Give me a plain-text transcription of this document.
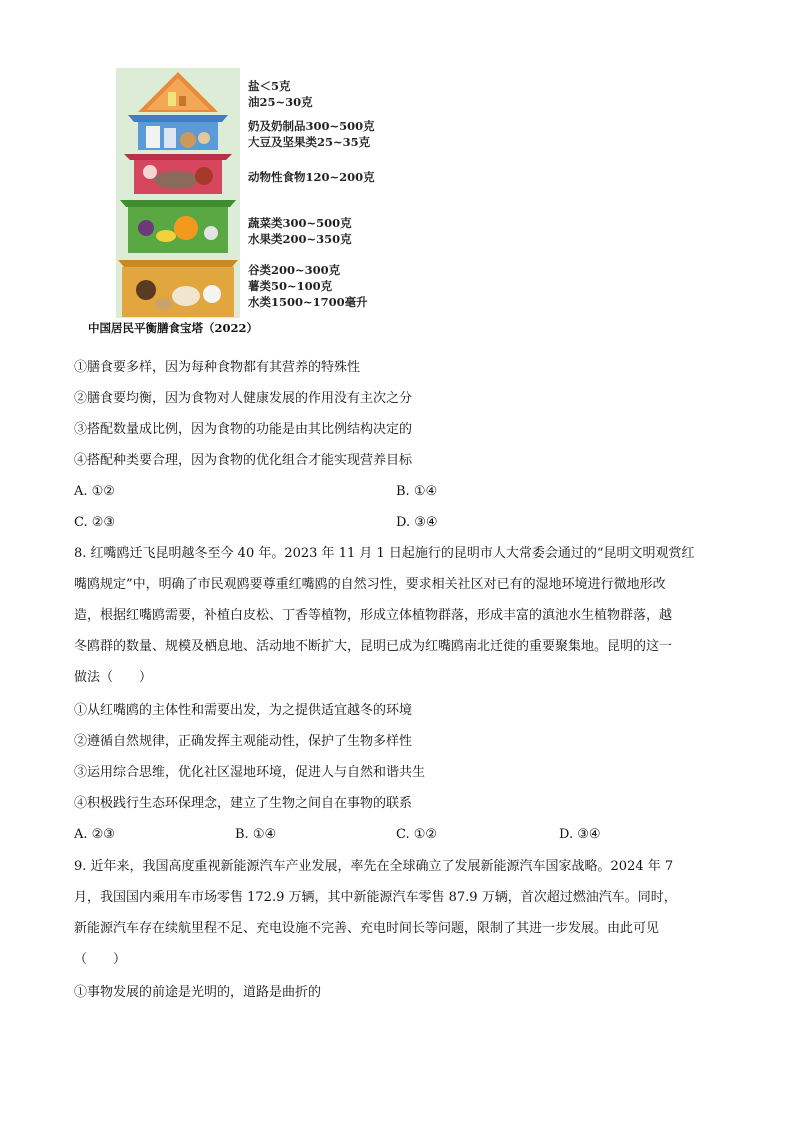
盐＜5克
油25~30克
奶及奶制品300~500克
大豆及坚果类25~35克
动物性食物120~200克
蔬菜类300~500克
水果类200~350克
谷类200~300克
薯类50~100克
水类1500~1700毫升
中国居民平衡膳食宝塔（2022）
①膳食要多样，因为每种食物都有其营养的特殊性
②膳食要均衡，因为食物对人健康发展的作用没有主次之分
③搭配数量成比例，因为食物的功能是由其比例结构决定的
④搭配种类要合理，因为食物的优化组合才能实现营养目标
A. ①②	B. ①④
C. ②③	D. ③④
8. 红嘴鸥迁飞昆明越冬至今 40 年。2023 年 11 月 1 日起施行的昆明市人大常委会通过的“昆明文明观赏红
嘴鸥规定”中，明确了市民观鸥要尊重红嘴鸥的自然习性，要求相关社区对已有的湿地环境进行微地形改
造，根据红嘴鸥需要，补植白皮松、丁香等植物，形成立体植物群落，形成丰富的滇池水生植物群落，越
冬鸥群的数量、规模及栖息地、活动地不断扩大，昆明已成为红嘴鸥南北迁徙的重要聚集地。昆明的这一
做法（　　）
①从红嘴鸥的主体性和需要出发，为之提供适宜越冬的环境
②遵循自然规律，正确发挥主观能动性，保护了生物多样性
③运用综合思维，优化社区湿地环境，促进人与自然和谐共生
④积极践行生态环保理念，建立了生物之间自在事物的联系
A. ②③	B. ①④	C. ①②	D. ③④
9. 近年来，我国高度重视新能源汽车产业发展，率先在全球确立了发展新能源汽车国家战略。2024 年 7
月，我国国内乘用车市场零售 172.9 万辆，其中新能源汽车零售 87.9 万辆，首次超过燃油汽车。同时，
新能源汽车存在续航里程不足、充电设施不完善、充电时间长等问题，限制了其进一步发展。由此可见
（　　）
①事物发展的前途是光明的，道路是曲折的
